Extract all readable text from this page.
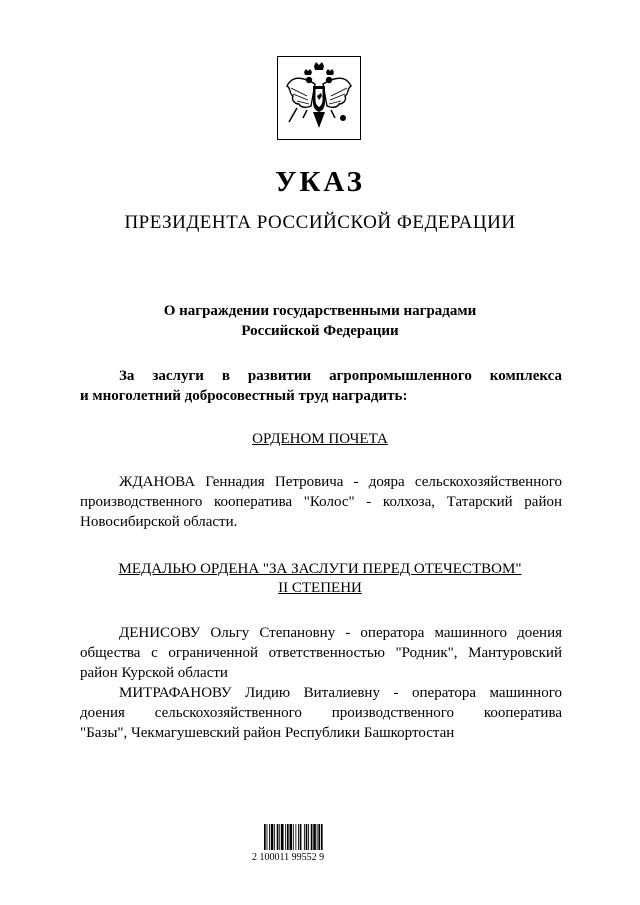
УКАЗ
ПРЕЗИДЕНТА РОССИЙСКОЙ ФЕДЕРАЦИИ
О награждении государственными наградами
Российской Федерации
За заслуги в развитии агропромышленного комплекса
и многолетний добросовестный труд наградить:
ОРДЕНОМ ПОЧЕТА
ЖДАНОВА Геннадия Петровича - дояра сельскохозяйственного
производственного кооператива "Колос" - колхоза, Татарский район
Новосибирской области.
МЕДАЛЬЮ ОРДЕНА "ЗА ЗАСЛУГИ ПЕРЕД ОТЕЧЕСТВОМ"
II СТЕПЕНИ
ДЕНИСОВУ Ольгу Степановну - оператора машинного доения
общества с ограниченной ответственностью "Родник", Мантуровский
район Курской области
МИТРАФАНОВУ Лидию Виталиевну - оператора машинного
доения сельскохозяйственного производственного кооператива
"Базы", Чекмагушевский район Республики Башкортостан
2 100011 99552 9
